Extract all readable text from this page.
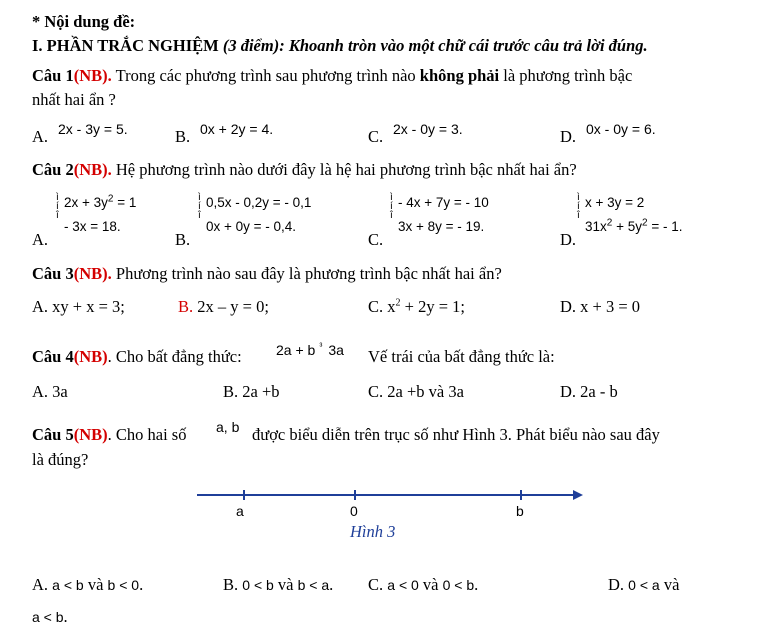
* Nội dung đề:
I. PHẦN TRẮC NGHIỆM (3 điểm): Khoanh tròn vào một chữ cái trước câu trả lời đúng.
Câu 1(NB). Trong các phương trình sau phương trình nào không phải là phương trình bậc
nhất hai ẩn ?
A. 2x - 3y = 5.	B. 0x + 2y = 4.	C. 2x - 0y = 3.	D. 0x - 0y = 6.
Câu 2(NB). Hệ phương trình nào dưới đây là hệ hai phương trình bậc nhất hai ẩn?
A.
ì
í
î
$2x + 3y^2 = 1$
- 3x = 18.
B.
ì
í
î
0,5x - 0,2y = - 0,1
0x + 0y = - 0,4.
C.
ì
í
î
- 4x + 7y = - 10
3x + 8y = - 19.
D.
ì
í
î
x + 3y = 2
$31x^2 + 5y^2$ = - 1.
Câu 3(NB). Phương trình nào sau đây là phương trình bậc nhất hai ẩn?
A. xy + x = 3;	B. 2x – y = 0;	C. $x^2 + 2y = 1$;	D. x + 3 = 0
Câu 4(NB). Cho bất đẳng thức: 2a + b $^{^3}$ 3a Vế trái của bất đẳng thức là:
A. 3a	B. 2a +b	C. 2a +b và 3a	D. 2a - b
Câu 5(NB). Cho hai số a, b được biểu diễn trên trục số như Hình 3. Phát biểu nào sau đây
là đúng?
a	0	b
Hình 3
A. a < b và b < 0.	B. 0 < b và b < a. C. a < 0 và 0 < b.	D. 0 < a và
a < b.
